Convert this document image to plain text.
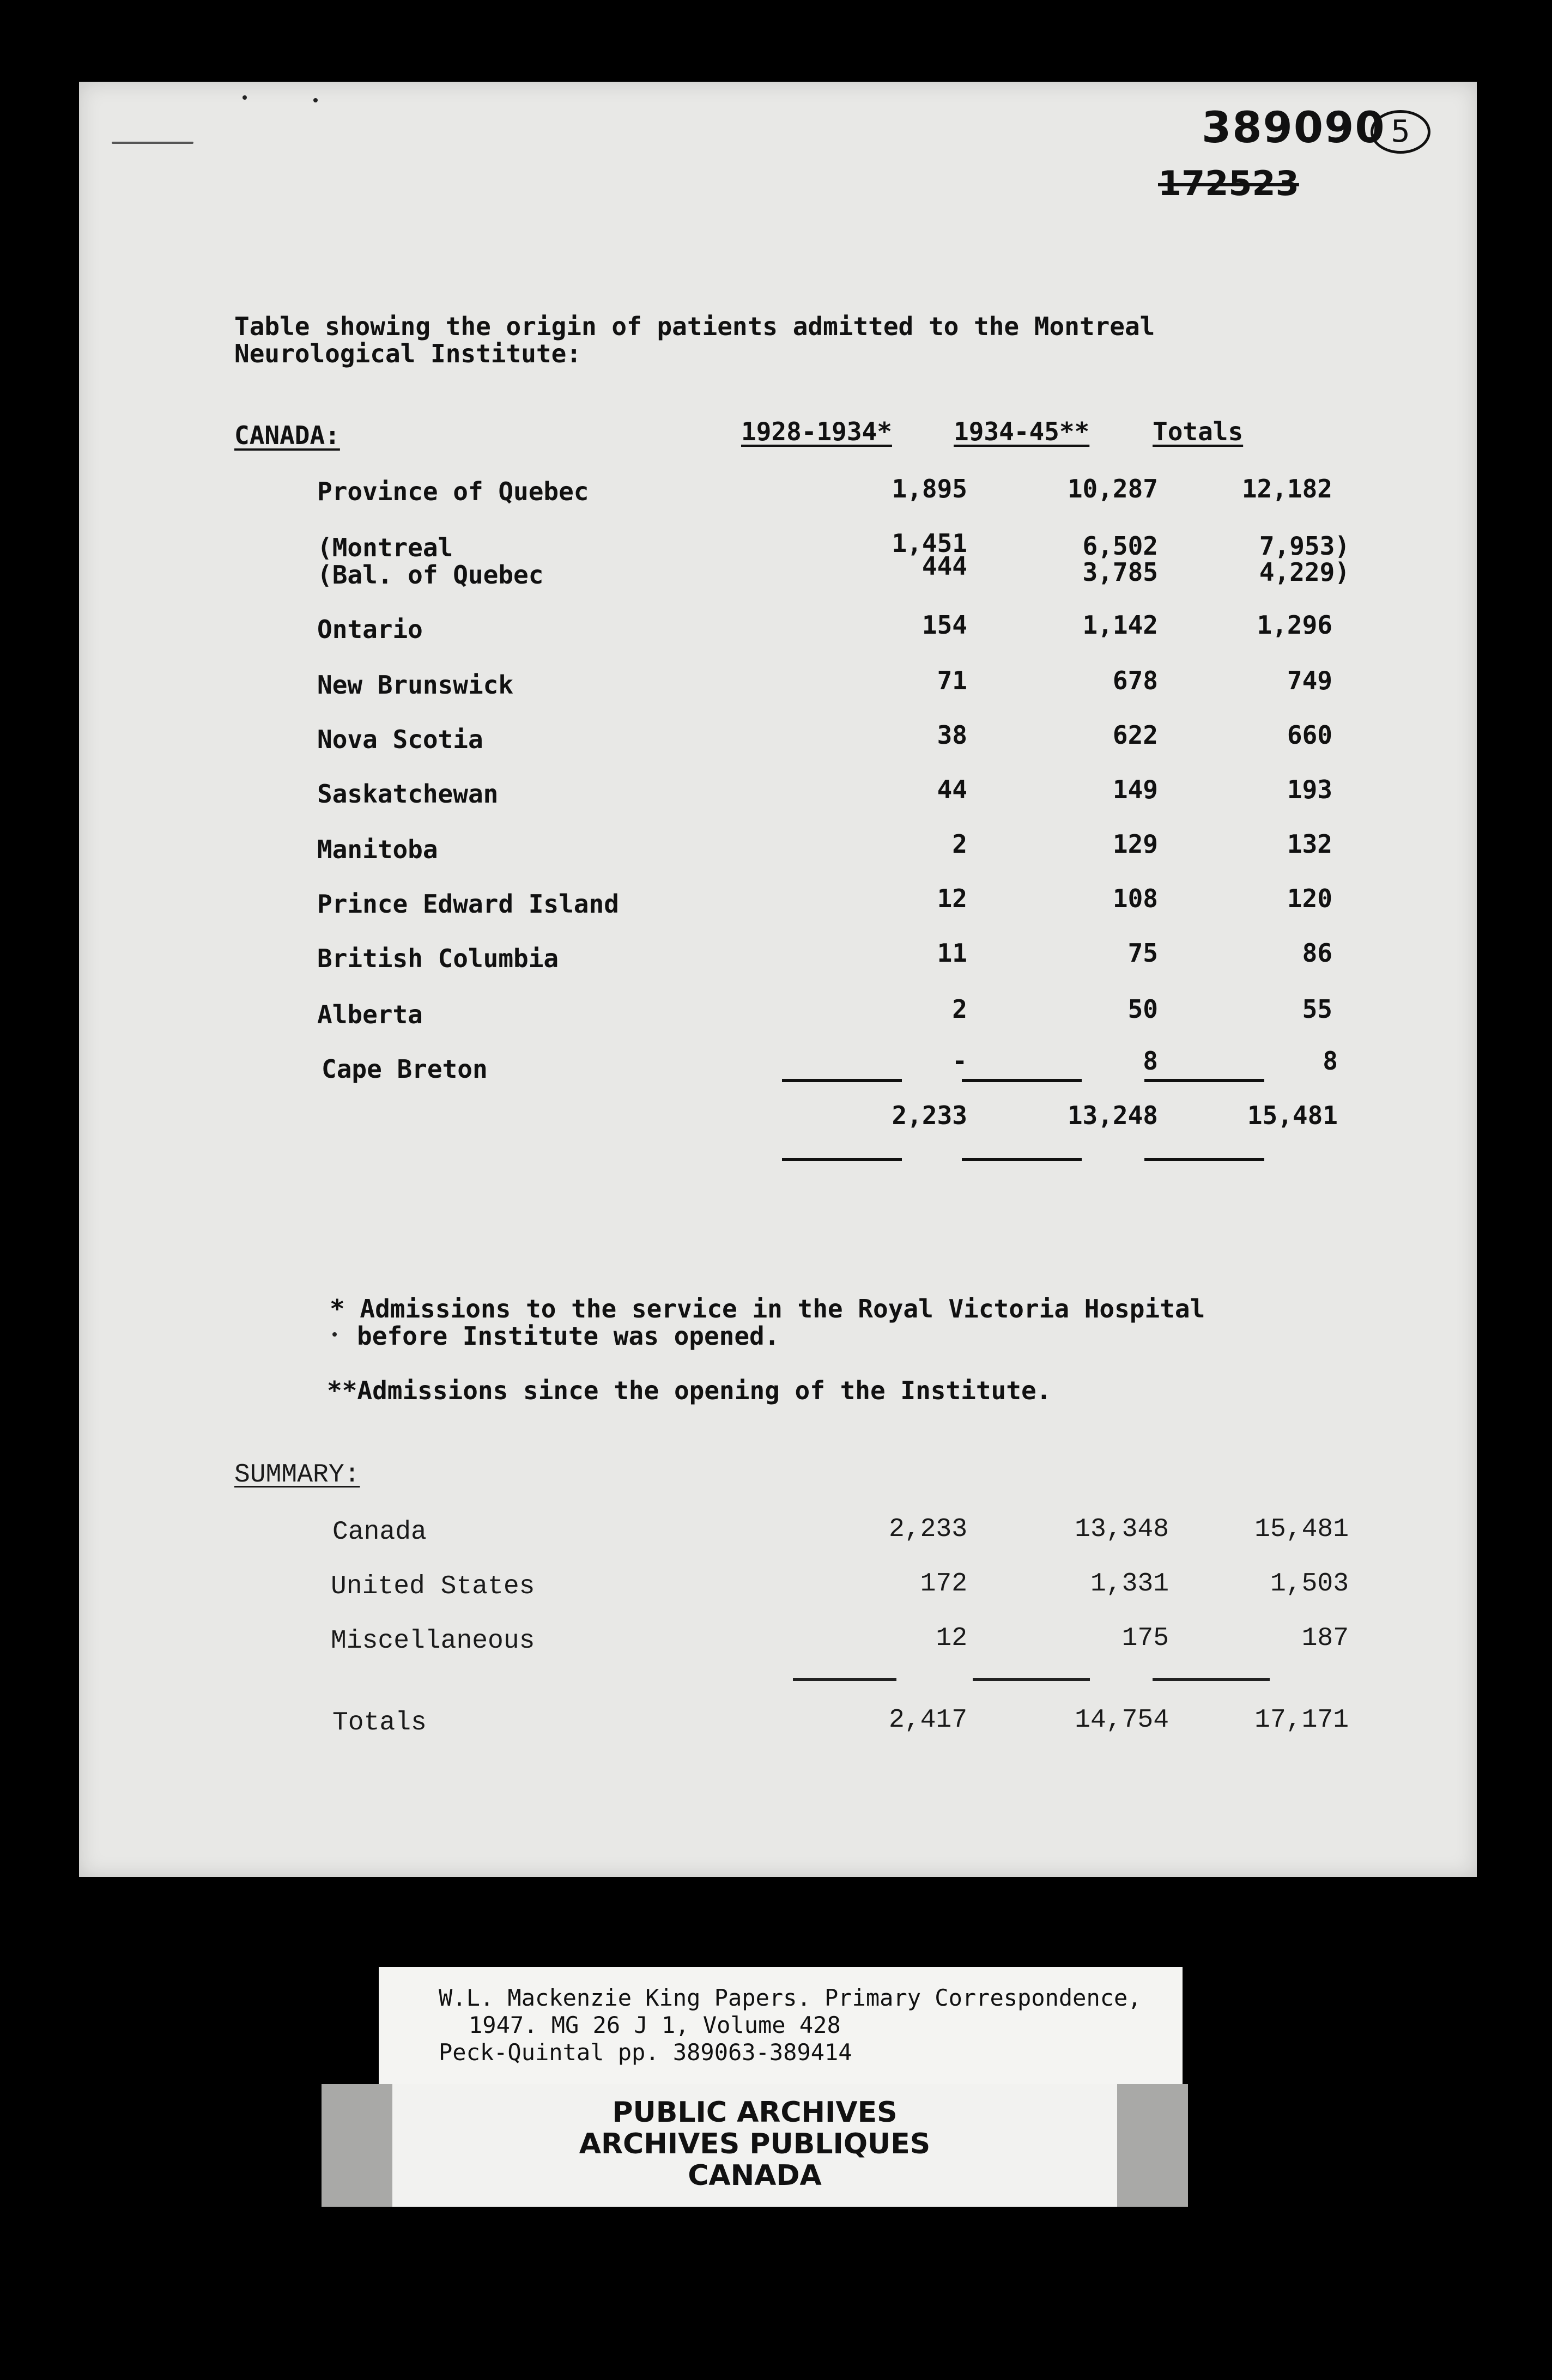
389090 5
172523
Table showing the origin of patients admitted to the Montreal
Neurological Institute:
CANADA:	1928-1934* 1934-45**	Totals
Province of Quebec	1,895	10,287	12,182
(Montreal	1,451	6,502	7,953)
(Bal. of Quebec	444	3,785	4,229)
Ontario	154	1,142	1,296
New Brunswick	71	678	749
Nova Scotia	38	622	660
Saskatchewan	44	149	193
Manitoba	2	129	132
Prince Edward Island	12	108	120
British Columbia	11	75	86
Alberta	2	50	55
Cape Breton	-	8	8
2,233	13,248	15,481
* Admissions to the service in the Royal Victoria Hospital
before Institute was opened.
**Admissions since the opening of the Institute.
SUMMARY:
Canada	2,233	13,348	15,481
United States	172	1,331	1,503
Miscellaneous	12	175	187
Totals	2,417	14,754	17,171
W.L. Mackenzie King Papers. Primary Correspondence,
1947. MG 26 J 1, Volume 428
Peck-Quintal pp. 389063-389414
PUBLIC ARCHIVES
ARCHIVES PUBLIQUES
CANADA
